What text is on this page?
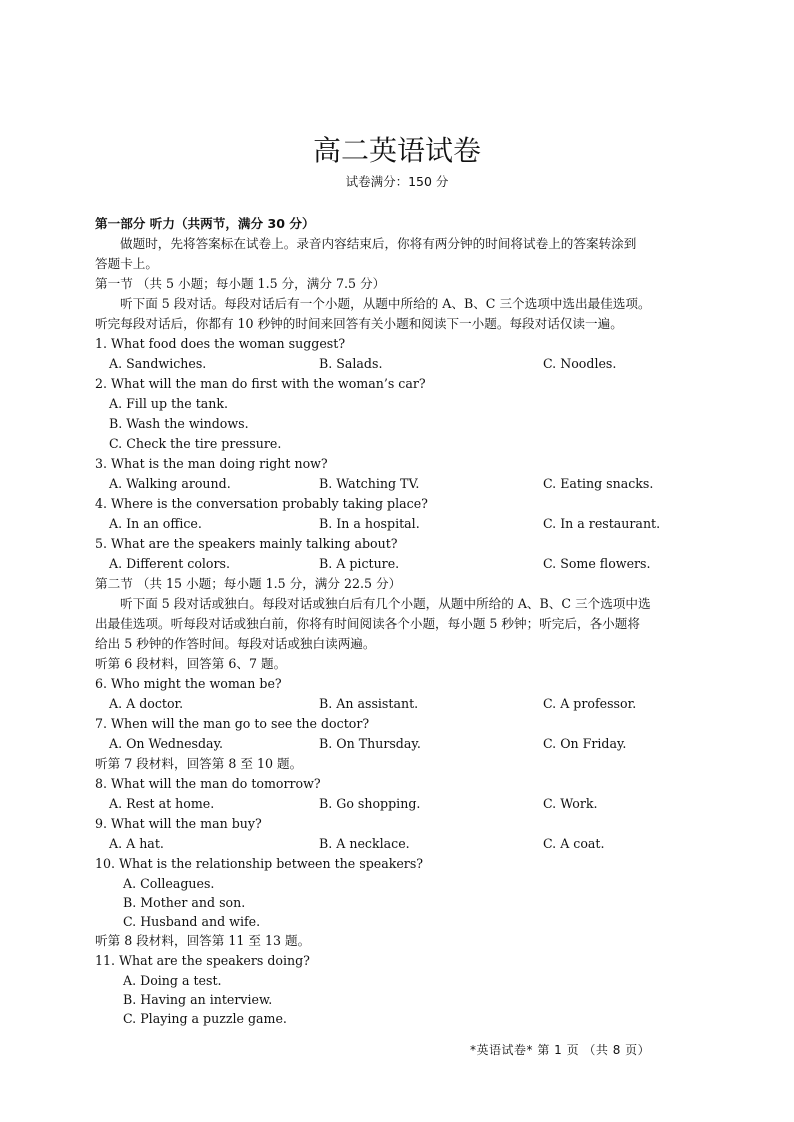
高二英语试卷
试卷满分：150 分
第一部分 听力（共两节，满分 30 分）
做题时，先将答案标在试卷上。录音内容结束后，你将有两分钟的时间将试卷上的答案转涂到
答题卡上。
第一节 （共 5 小题；每小题 1.5 分，满分 7.5 分）
听下面 5 段对话。每段对话后有一个小题，从题中所给的 A、B、C 三个选项中选出最佳选项。
听完每段对话后，你都有 10 秒钟的时间来回答有关小题和阅读下一小题。每段对话仅读一遍。
1. What food does the woman suggest?
A. Sandwiches.	B. Salads.	C. Noodles.
2. What will the man do first with the woman’s car?
A. Fill up the tank.
B. Wash the windows.
C. Check the tire pressure.
3. What is the man doing right now?
A. Walking around.	B. Watching TV.	C. Eating snacks.
4. Where is the conversation probably taking place?
A. In an office.	B. In a hospital.	C. In a restaurant.
5. What are the speakers mainly talking about?
A. Different colors.	B. A picture.	C. Some flowers.
第二节 （共 15 小题；每小题 1.5 分，满分 22.5 分）
听下面 5 段对话或独白。每段对话或独白后有几个小题，从题中所给的 A、B、C 三个选项中选
出最佳选项。听每段对话或独白前，你将有时间阅读各个小题，每小题 5 秒钟；听完后，各小题将
给出 5 秒钟的作答时间。每段对话或独白读两遍。
听第 6 段材料，回答第 6、7 题。
6. Who might the woman be?
A. A doctor.	B. An assistant.	C. A professor.
7. When will the man go to see the doctor?
A. On Wednesday.	B. On Thursday.	C. On Friday.
听第 7 段材料，回答第 8 至 10 题。
8. What will the man do tomorrow?
A. Rest at home.	B. Go shopping.	C. Work.
9. What will the man buy?
A. A hat.	B. A necklace.	C. A coat.
10. What is the relationship between the speakers?
A. Colleagues.
B. Mother and son.
C. Husband and wife.
听第 8 段材料，回答第 11 至 13 题。
11. What are the speakers doing?
A. Doing a test.
B. Having an interview.
C. Playing a puzzle game.
*英语试卷* 第 1 页 （共 8 页）
